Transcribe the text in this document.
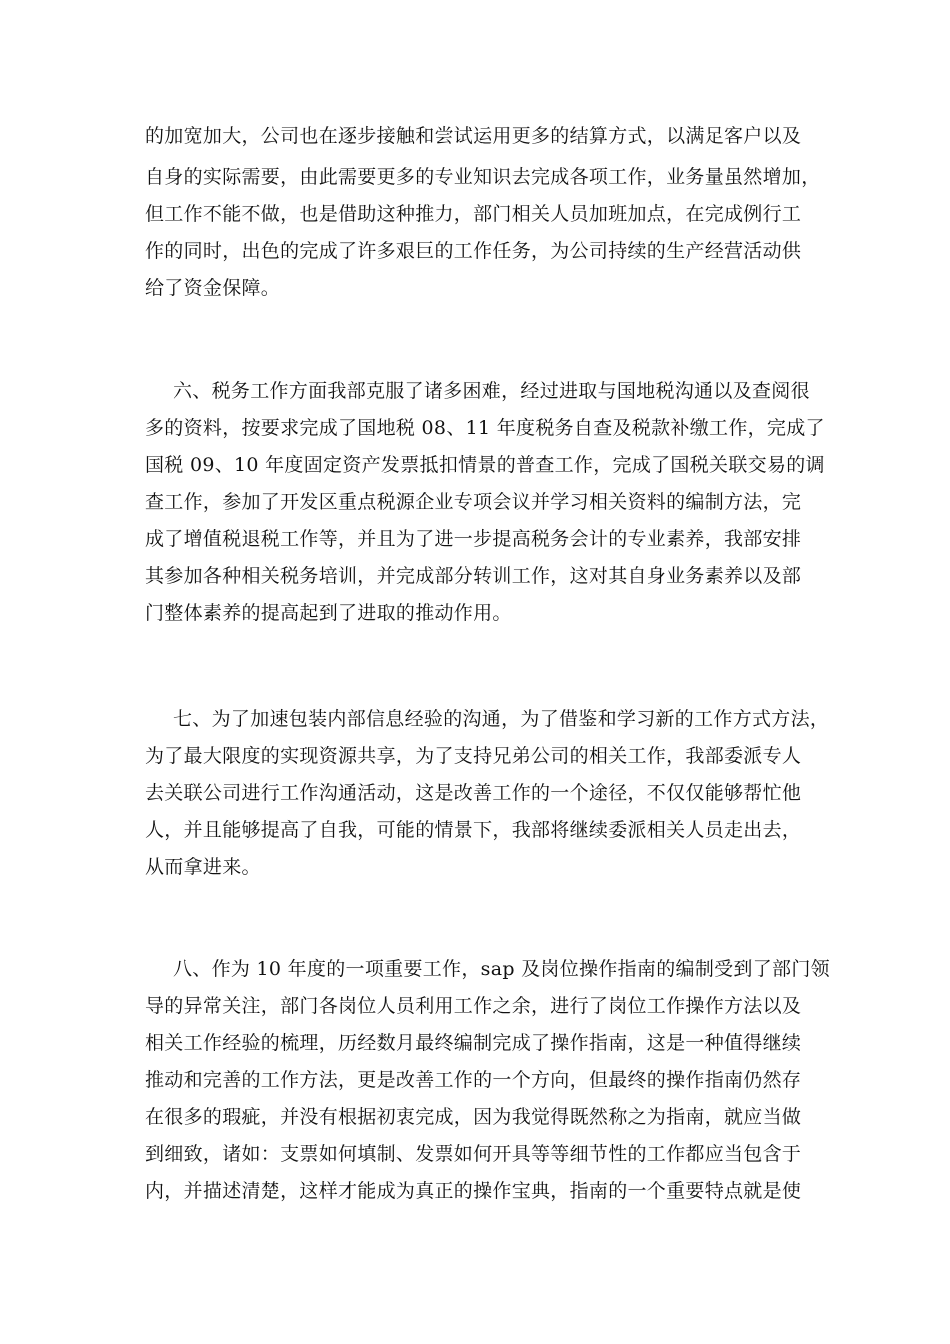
的加宽加大，公司也在逐步接触和尝试运用更多的结算方式，以满足客户以及
自身的实际需要，由此需要更多的专业知识去完成各项工作，业务量虽然增加，
但工作不能不做，也是借助这种推力，部门相关人员加班加点，在完成例行工
作的同时，出色的完成了许多艰巨的工作任务，为公司持续的生产经营活动供
给了资金保障。
六、税务工作方面我部克服了诸多困难，经过进取与国地税沟通以及查阅很
多的资料，按要求完成了国地税 08、11 年度税务自查及税款补缴工作，完成了
国税 09、10 年度固定资产发票抵扣情景的普查工作，完成了国税关联交易的调
查工作，参加了开发区重点税源企业专项会议并学习相关资料的编制方法，完
成了增值税退税工作等，并且为了进一步提高税务会计的专业素养，我部安排
其参加各种相关税务培训，并完成部分转训工作，这对其自身业务素养以及部
门整体素养的提高起到了进取的推动作用。
七、为了加速包装内部信息经验的沟通，为了借鉴和学习新的工作方式方法，
为了最大限度的实现资源共享，为了支持兄弟公司的相关工作，我部委派专人
去关联公司进行工作沟通活动，这是改善工作的一个途径，不仅仅能够帮忙他
人，并且能够提高了自我，可能的情景下，我部将继续委派相关人员走出去，
从而拿进来。
八、作为 10 年度的一项重要工作，sap 及岗位操作指南的编制受到了部门领
导的异常关注，部门各岗位人员利用工作之余，进行了岗位工作操作方法以及
相关工作经验的梳理，历经数月最终编制完成了操作指南，这是一种值得继续
推动和完善的工作方法，更是改善工作的一个方向，但最终的操作指南仍然存
在很多的瑕疵，并没有根据初衷完成，因为我觉得既然称之为指南，就应当做
到细致，诸如：支票如何填制、发票如何开具等等细节性的工作都应当包含于
内，并描述清楚，这样才能成为真正的操作宝典，指南的一个重要特点就是使
